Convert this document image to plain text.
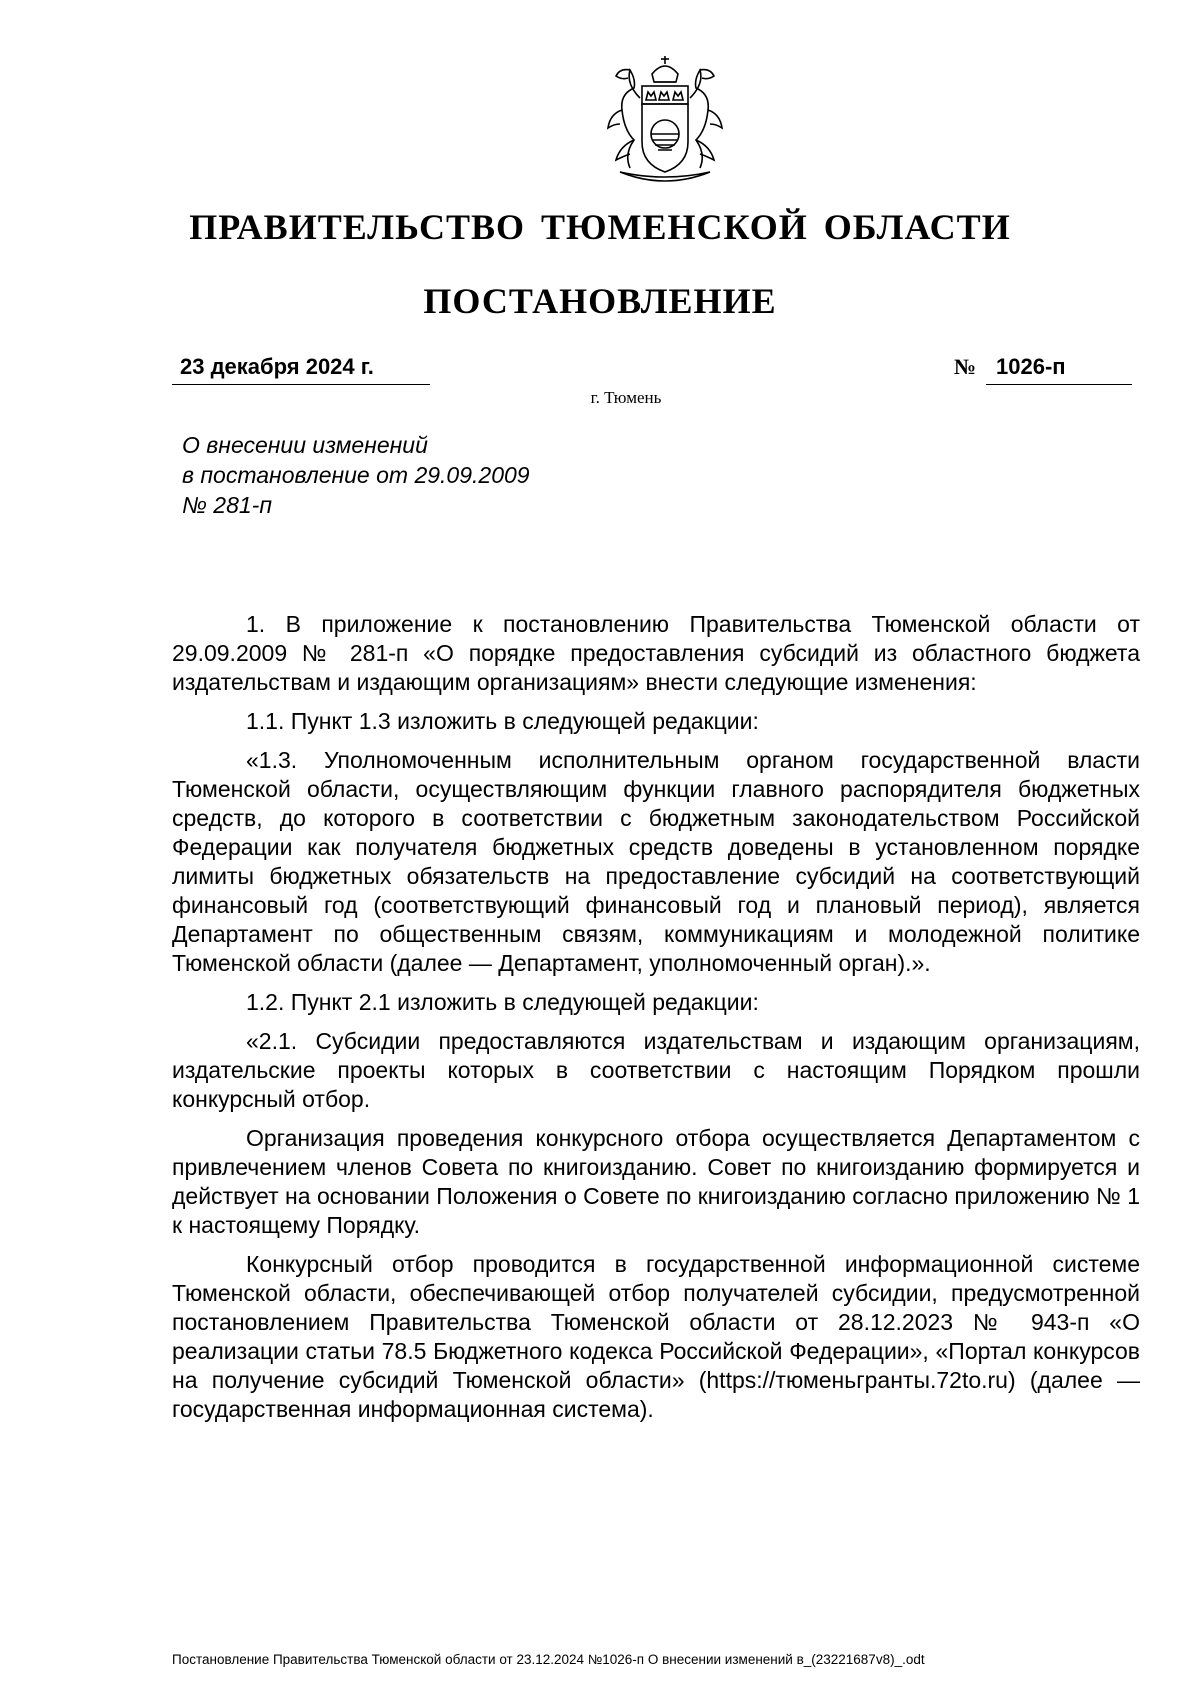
ПРАВИТЕЛЬСТВО ТЮМЕНСКОЙ ОБЛАСТИ
ПОСТАНОВЛЕНИЕ
23 декабря 2024 г.	№ 1026-п
г. Тюмень
О внесении изменений
в постановление от 29.09.2009
№ 281-п

1. В приложение к постановлению Правительства Тюменской области от 29.09.2009 № 281-п «О порядке предоставления субсидий из областного бюджета издательствам и издающим организациям» внести следующие изменения:

1.1. Пункт 1.3 изложить в следующей редакции:

«1.3. Уполномоченным исполнительным органом государственной власти Тюменской области, осуществляющим функции главного распорядителя бюджетных средств, до которого в соответствии с бюджетным законодательством Российской Федерации как получателя бюджетных средств доведены в установленном порядке лимиты бюджетных обязательств на предоставление субсидий на соответствующий финансовый год (соответствующий финансовый год и плановый период), является Департамент по общественным связям, коммуникациям и молодежной политике Тюменской области (далее — Департамент, уполномоченный орган).».

1.2. Пункт 2.1 изложить в следующей редакции:

«2.1. Субсидии предоставляются издательствам и издающим организациям, издательские проекты которых в соответствии с настоящим Порядком прошли конкурсный отбор.

Организация проведения конкурсного отбора осуществляется Департаментом с привлечением членов Совета по книгоизданию. Совет по книгоизданию формируется и действует на основании Положения о Совете по книгоизданию согласно приложению № 1 к настоящему Порядку.

Конкурсный отбор проводится в государственной информационной системе Тюменской области, обеспечивающей отбор получателей субсидии, предусмотренной постановлением Правительства Тюменской области от 28.12.2023 № 943-п «О реализации статьи 78.5 Бюджетного кодекса Российской Федерации», «Портал конкурсов на получение субсидий Тюменской области» (https://тюменьгранты.72to.ru) (далее — государственная информационная система).

Постановление Правительства Тюменской области от 23.12.2024 №1026-п О внесении изменений в_(23221687v8)_.odt
